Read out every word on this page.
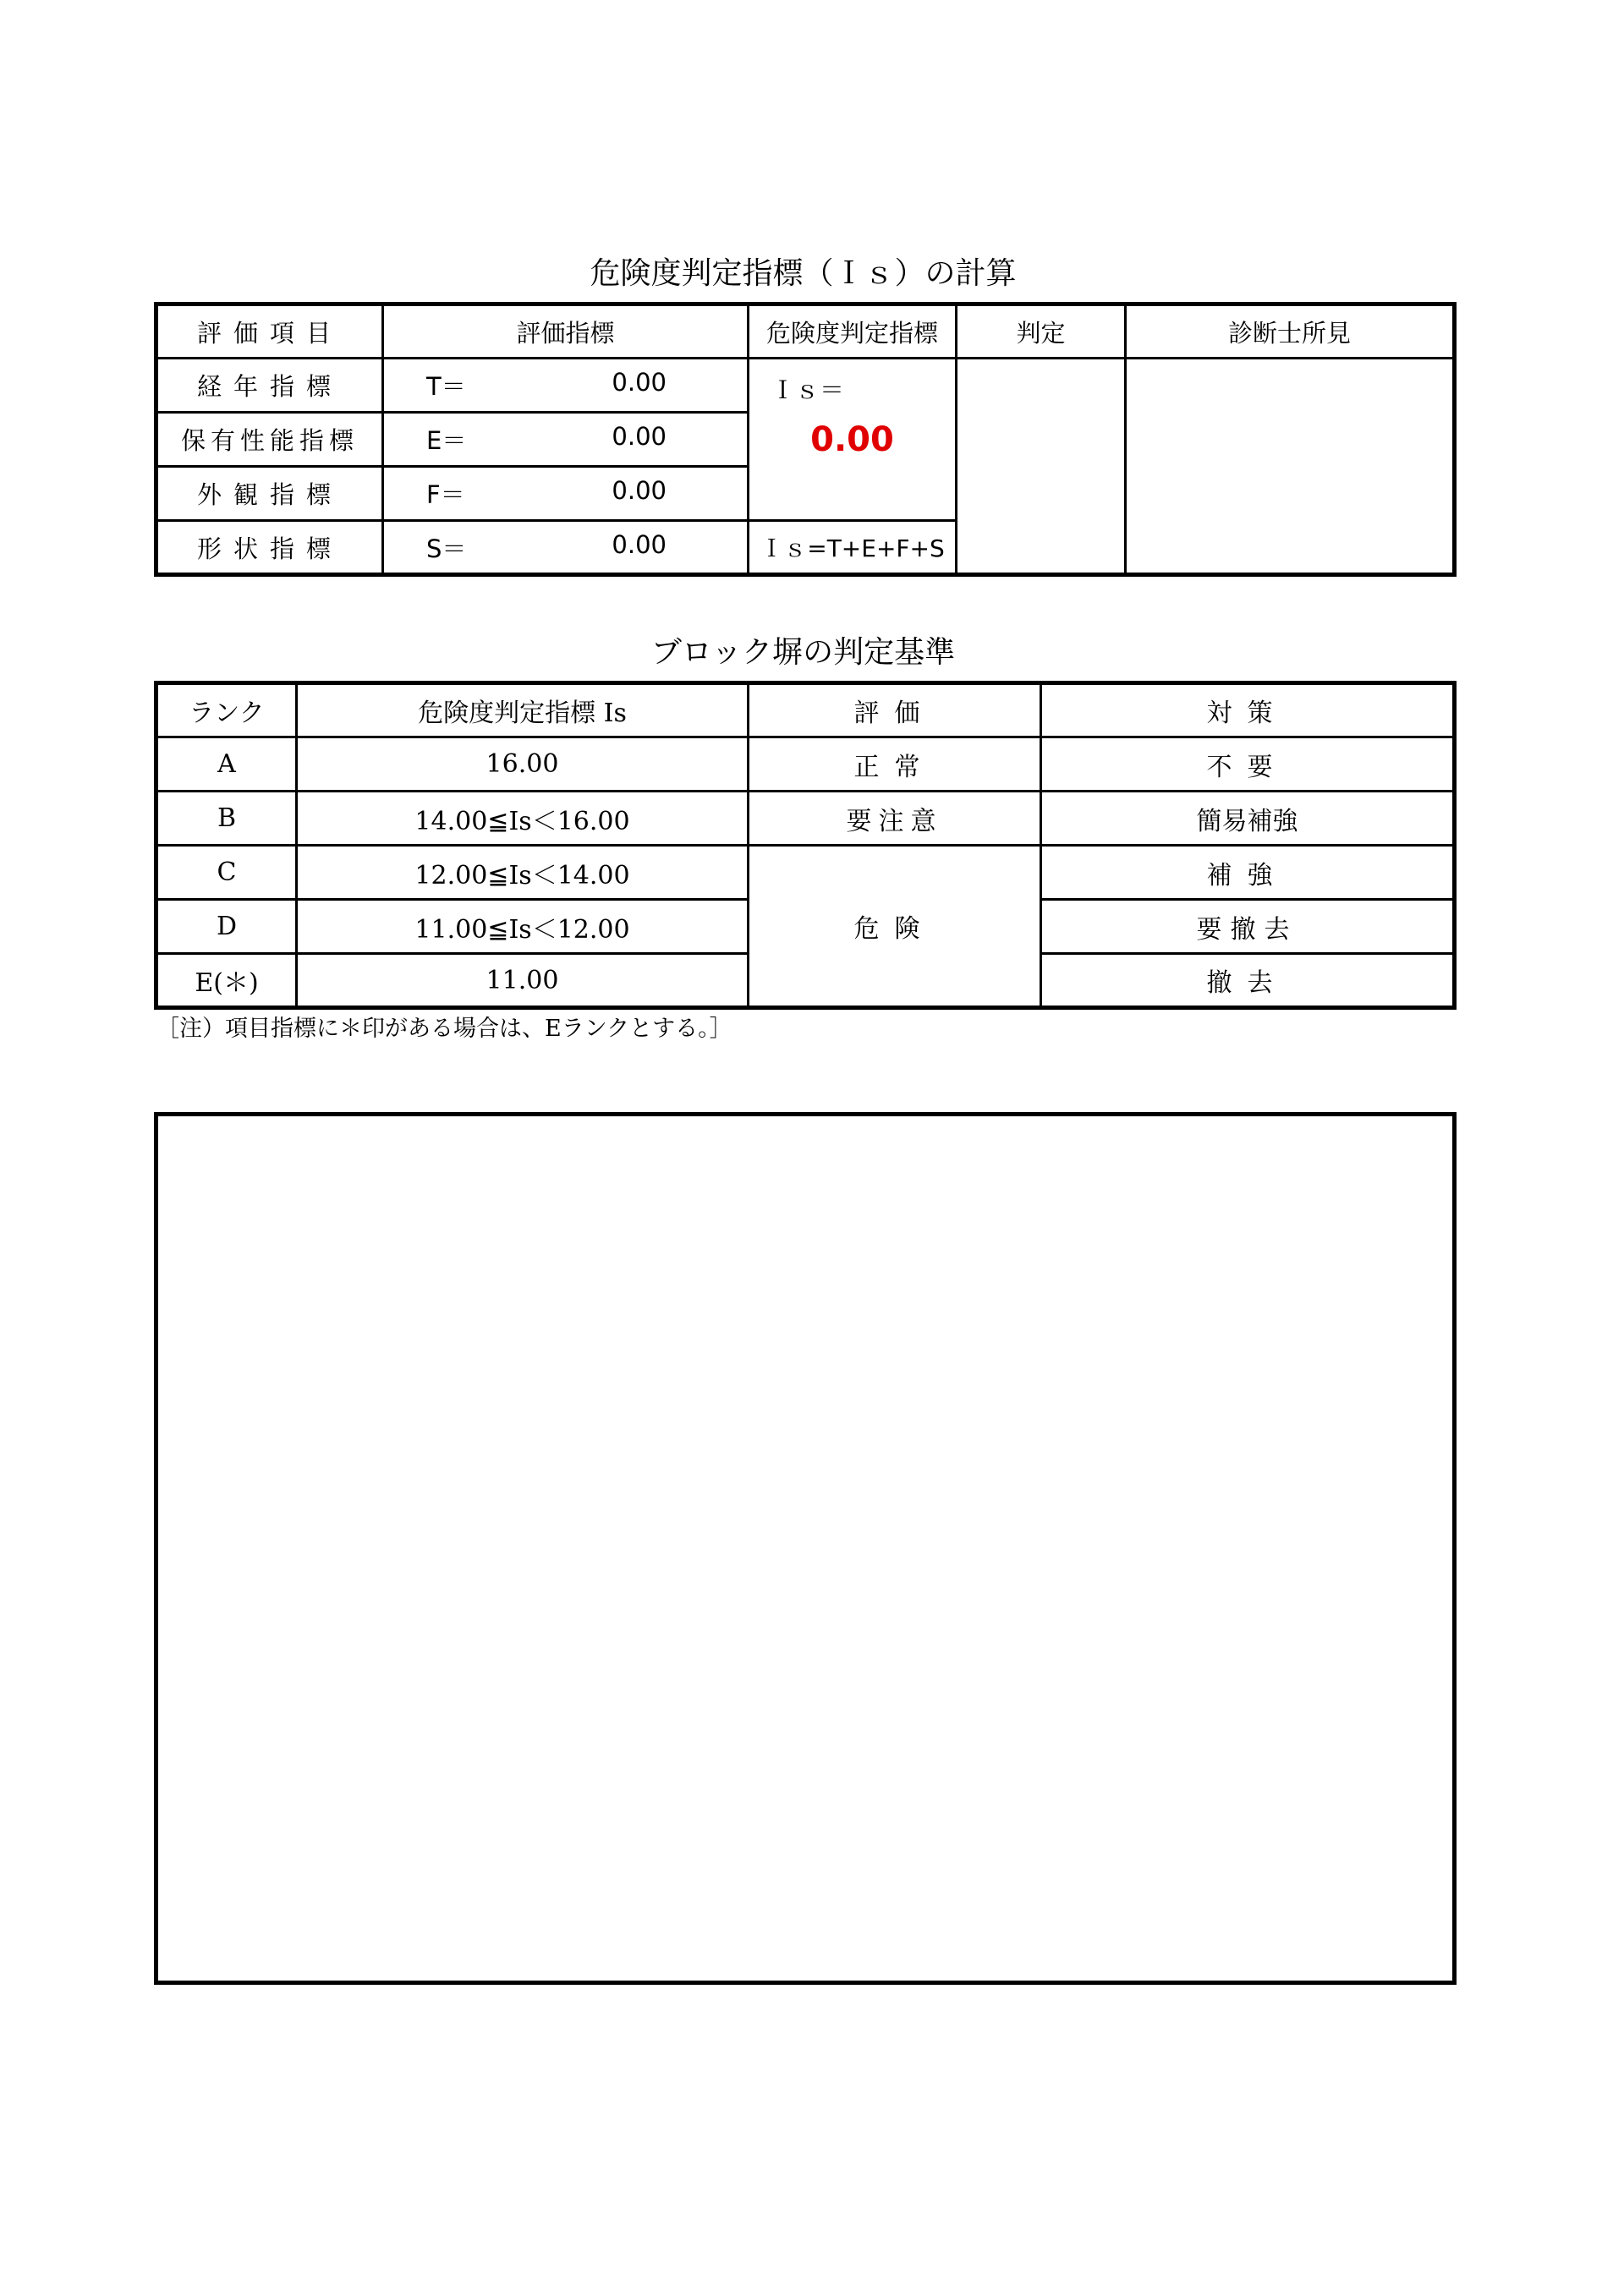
危険度判定指標（Ｉｓ）の計算
評価項目	評価指標	危険度判定指標	判定	診断士所見
経年指標	T＝ 0.00	Ｉｓ＝		
保有性能指標	E＝ 0.00	0.00		
外観指標	F＝ 0.00			

形状指標	S＝ 0.00	Ｉｓ=T+E+F+S		
ブロック塀の判定基準
ランク	危険度判定指標 Is	評価	対策
A	16.00	正常	不要
B	14.00≦Is＜16.00	要注意	簡易補強
C	12.00≦Is＜14.00	危険	補強
D	11.00≦Is＜12.00		要撤去
E(＊)	11.00		撤去
［注）項目指標に＊印がある場合は、Eランクとする。］
